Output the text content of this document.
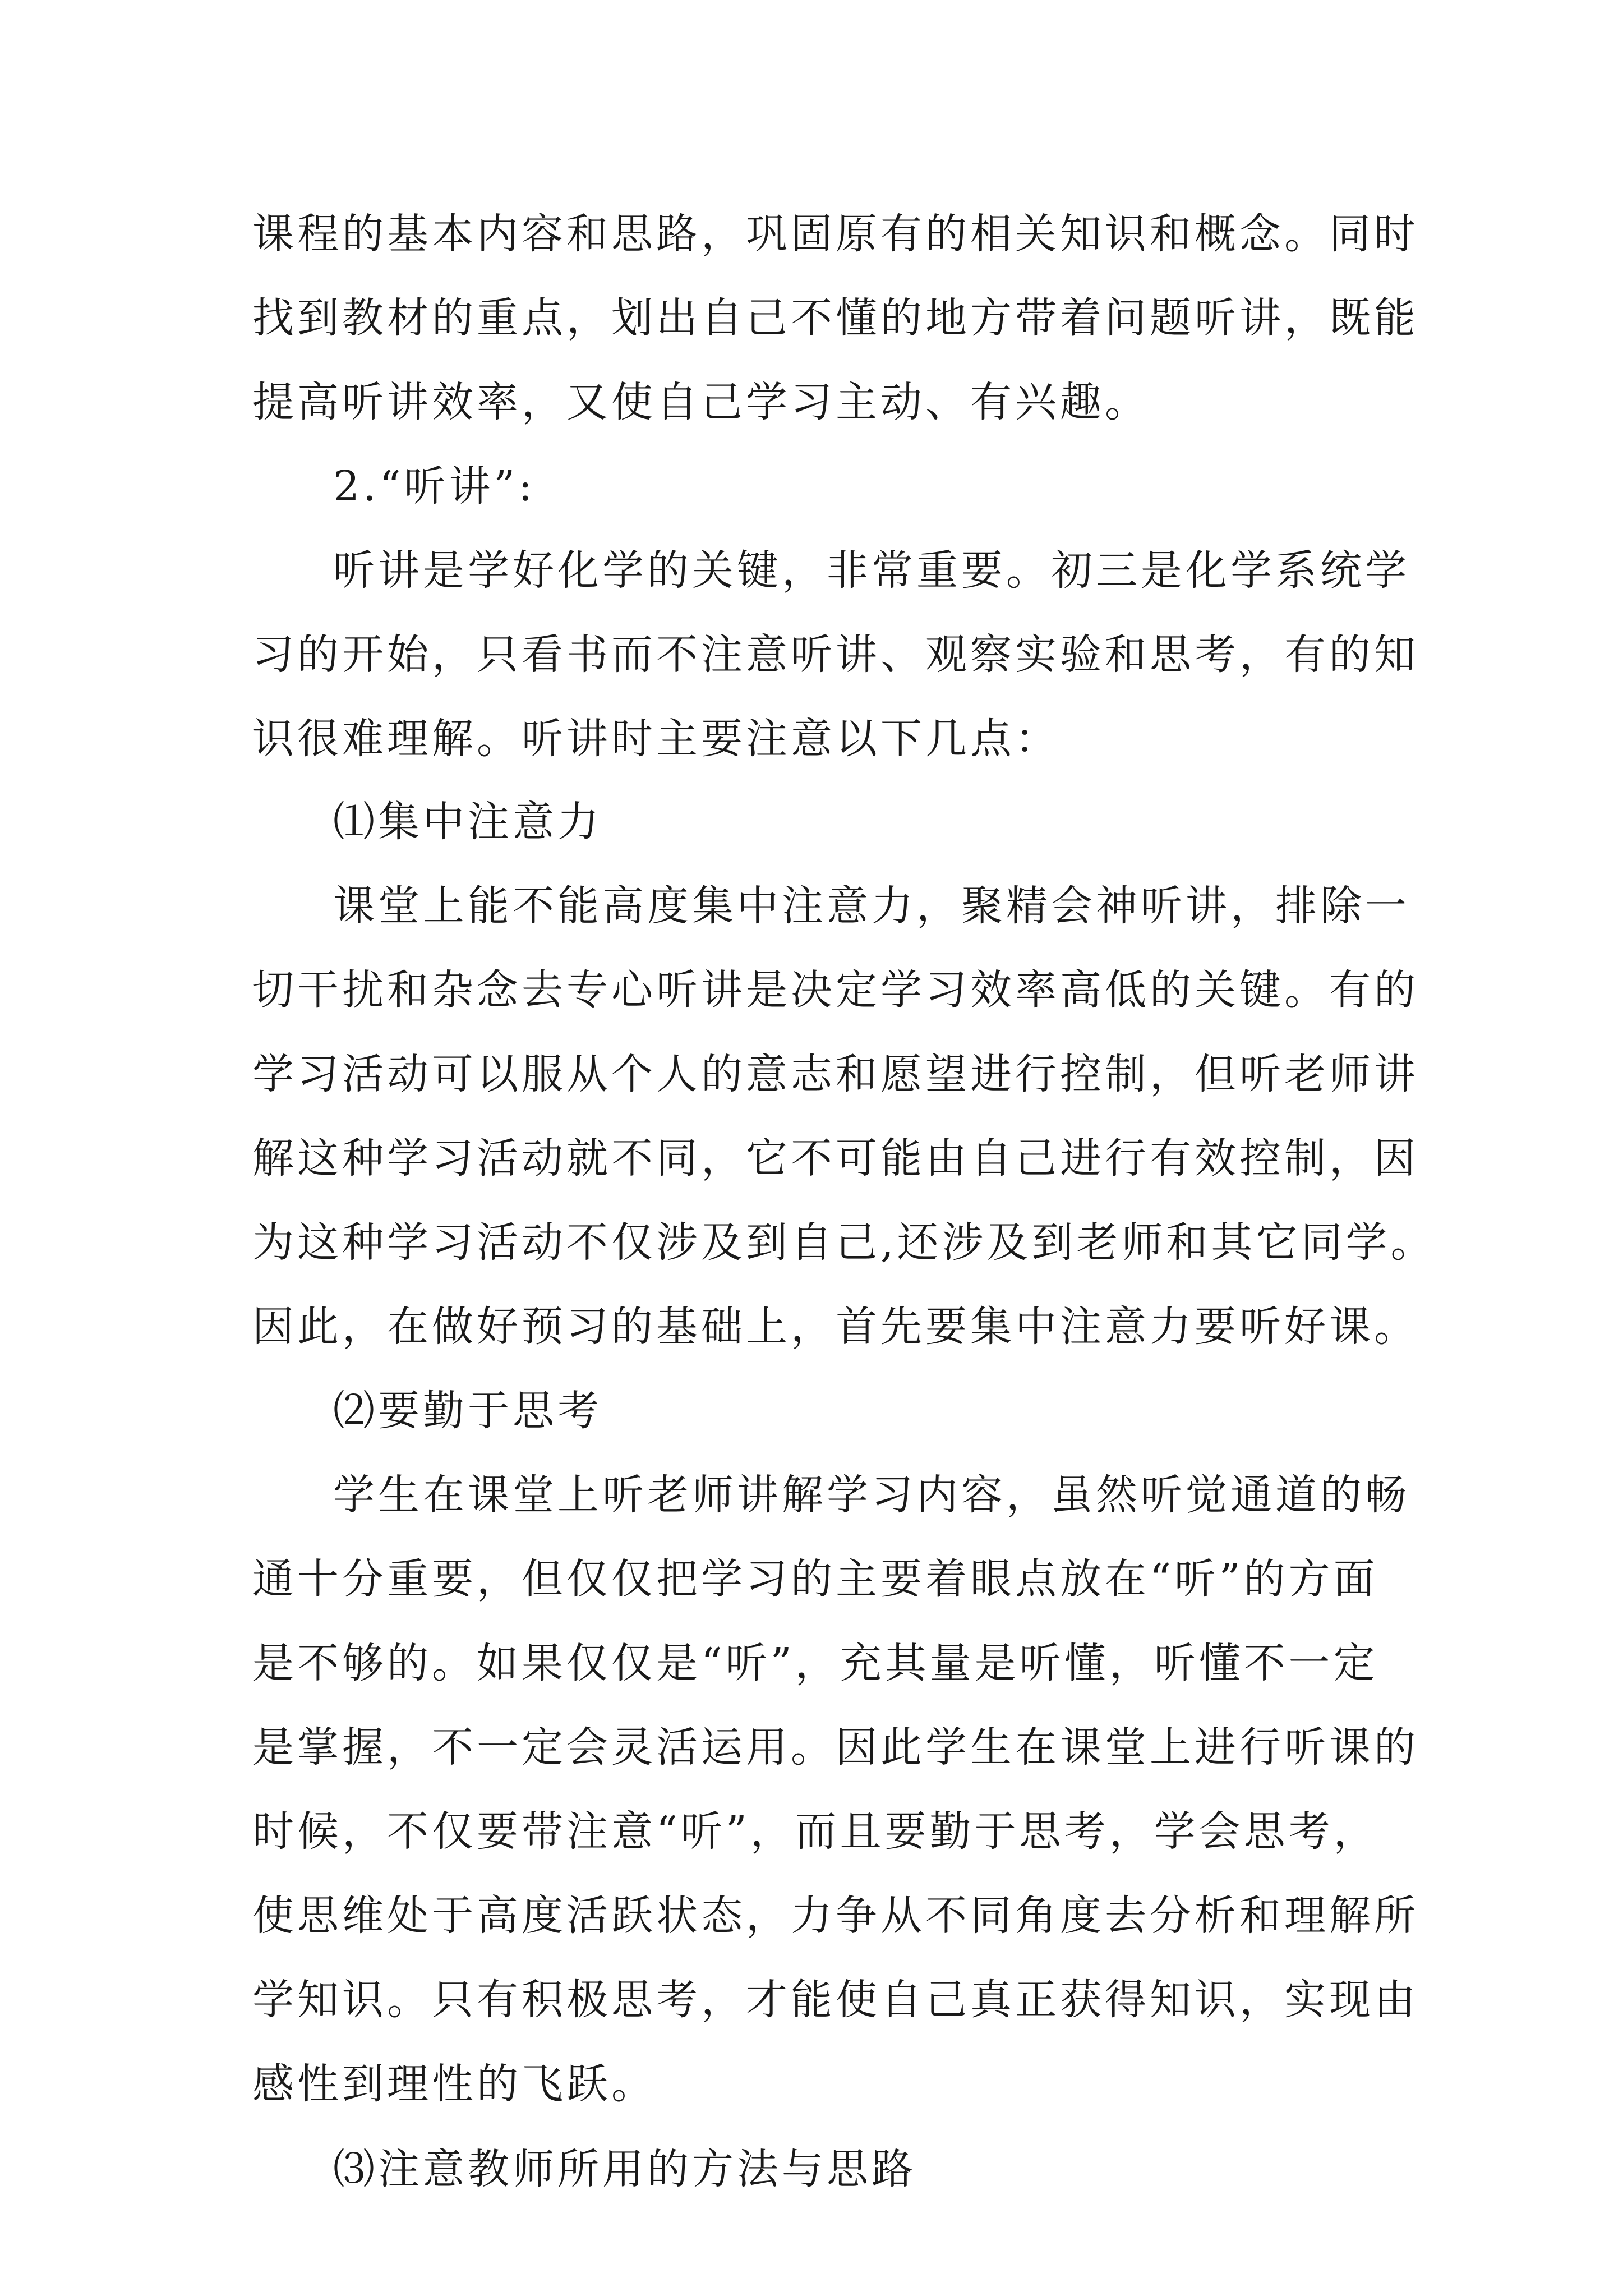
课程的基本内容和思路，巩固原有的相关知识和概念。同时
找到教材的重点，划出自己不懂的地方带着问题听讲，既能
提高听讲效率，又使自己学习主动、有兴趣。
2.“听讲”:
听讲是学好化学的关键，非常重要。初三是化学系统学
习的开始，只看书而不注意听讲、观察实验和思考，有的知
识很难理解。听讲时主要注意以下几点：
⑴集中注意力
课堂上能不能高度集中注意力，聚精会神听讲，排除一
切干扰和杂念去专心听讲是决定学习效率高低的关键。有的
学习活动可以服从个人的意志和愿望进行控制，但听老师讲
解这种学习活动就不同，它不可能由自己进行有效控制，因
为这种学习活动不仅涉及到自己,还涉及到老师和其它同学。
因此，在做好预习的基础上，首先要集中注意力要听好课。
⑵要勤于思考
学生在课堂上听老师讲解学习内容，虽然听觉通道的畅
通十分重要，但仅仅把学习的主要着眼点放在“听”的方面
是不够的。如果仅仅是“听”，充其量是听懂，听懂不一定
是掌握，不一定会灵活运用。因此学生在课堂上进行听课的
时候，不仅要带注意“听”，而且要勤于思考，学会思考，
使思维处于高度活跃状态，力争从不同角度去分析和理解所
学知识。只有积极思考，才能使自己真正获得知识，实现由
感性到理性的飞跃。
⑶注意教师所用的方法与思路
